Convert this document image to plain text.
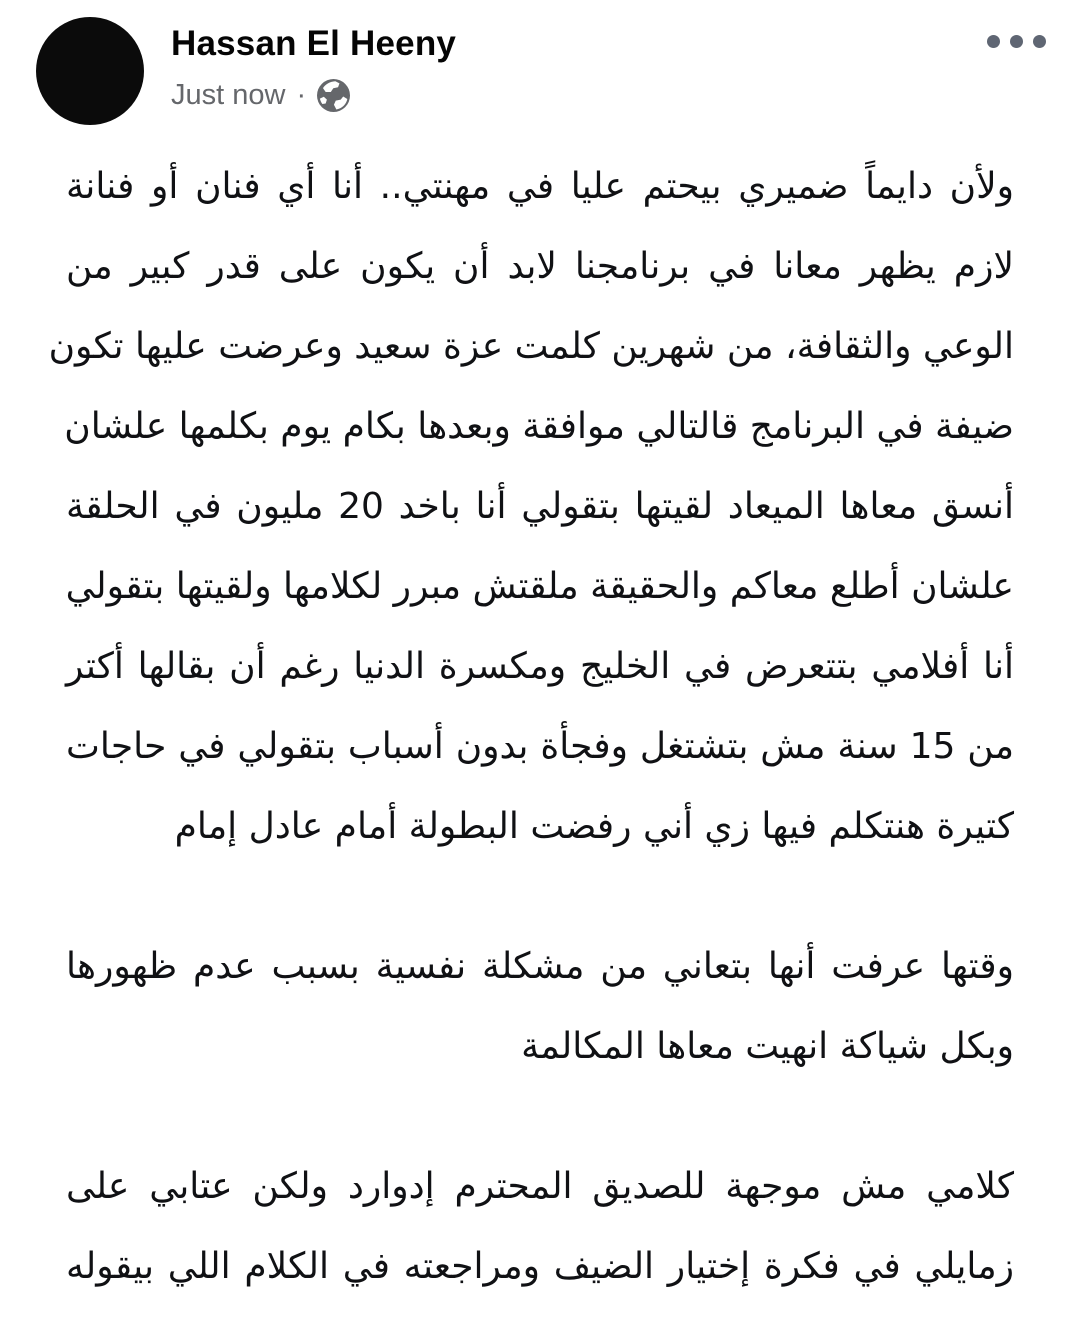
Hassan El Heeny
Just now ·
ولأن دايماً ضميري بيحتم عليا في مهنتي.. أنا أي فنان أو فنانة
لازم يظهر معانا في برنامجنا لابد أن يكون على قدر كبير من
الوعي والثقافة، من شهرين كلمت عزة سعيد وعرضت عليها تكون
ضيفة في البرنامج قالتالي موافقة وبعدها بكام يوم بكلمها علشان
أنسق معاها الميعاد لقيتها بتقولي أنا باخد 20 مليون في الحلقة
علشان أطلع معاكم والحقيقة ملقتش مبرر لكلامها ولقيتها بتقولي
أنا أفلامي بتتعرض في الخليج ومكسرة الدنيا رغم أن بقالها أكتر
من 15 سنة مش بتشتغل وفجأة بدون أسباب بتقولي في حاجات
كتيرة هنتكلم فيها زي أني رفضت البطولة أمام عادل إمام
وقتها عرفت أنها بتعاني من مشكلة نفسية بسبب عدم ظهورها
وبكل شياكة انهيت معاها المكالمة
كلامي مش موجهة للصديق المحترم إدوارد ولكن عتابي على
زمايلي في فكرة إختيار الضيف ومراجعته في الكلام اللي بيقوله
